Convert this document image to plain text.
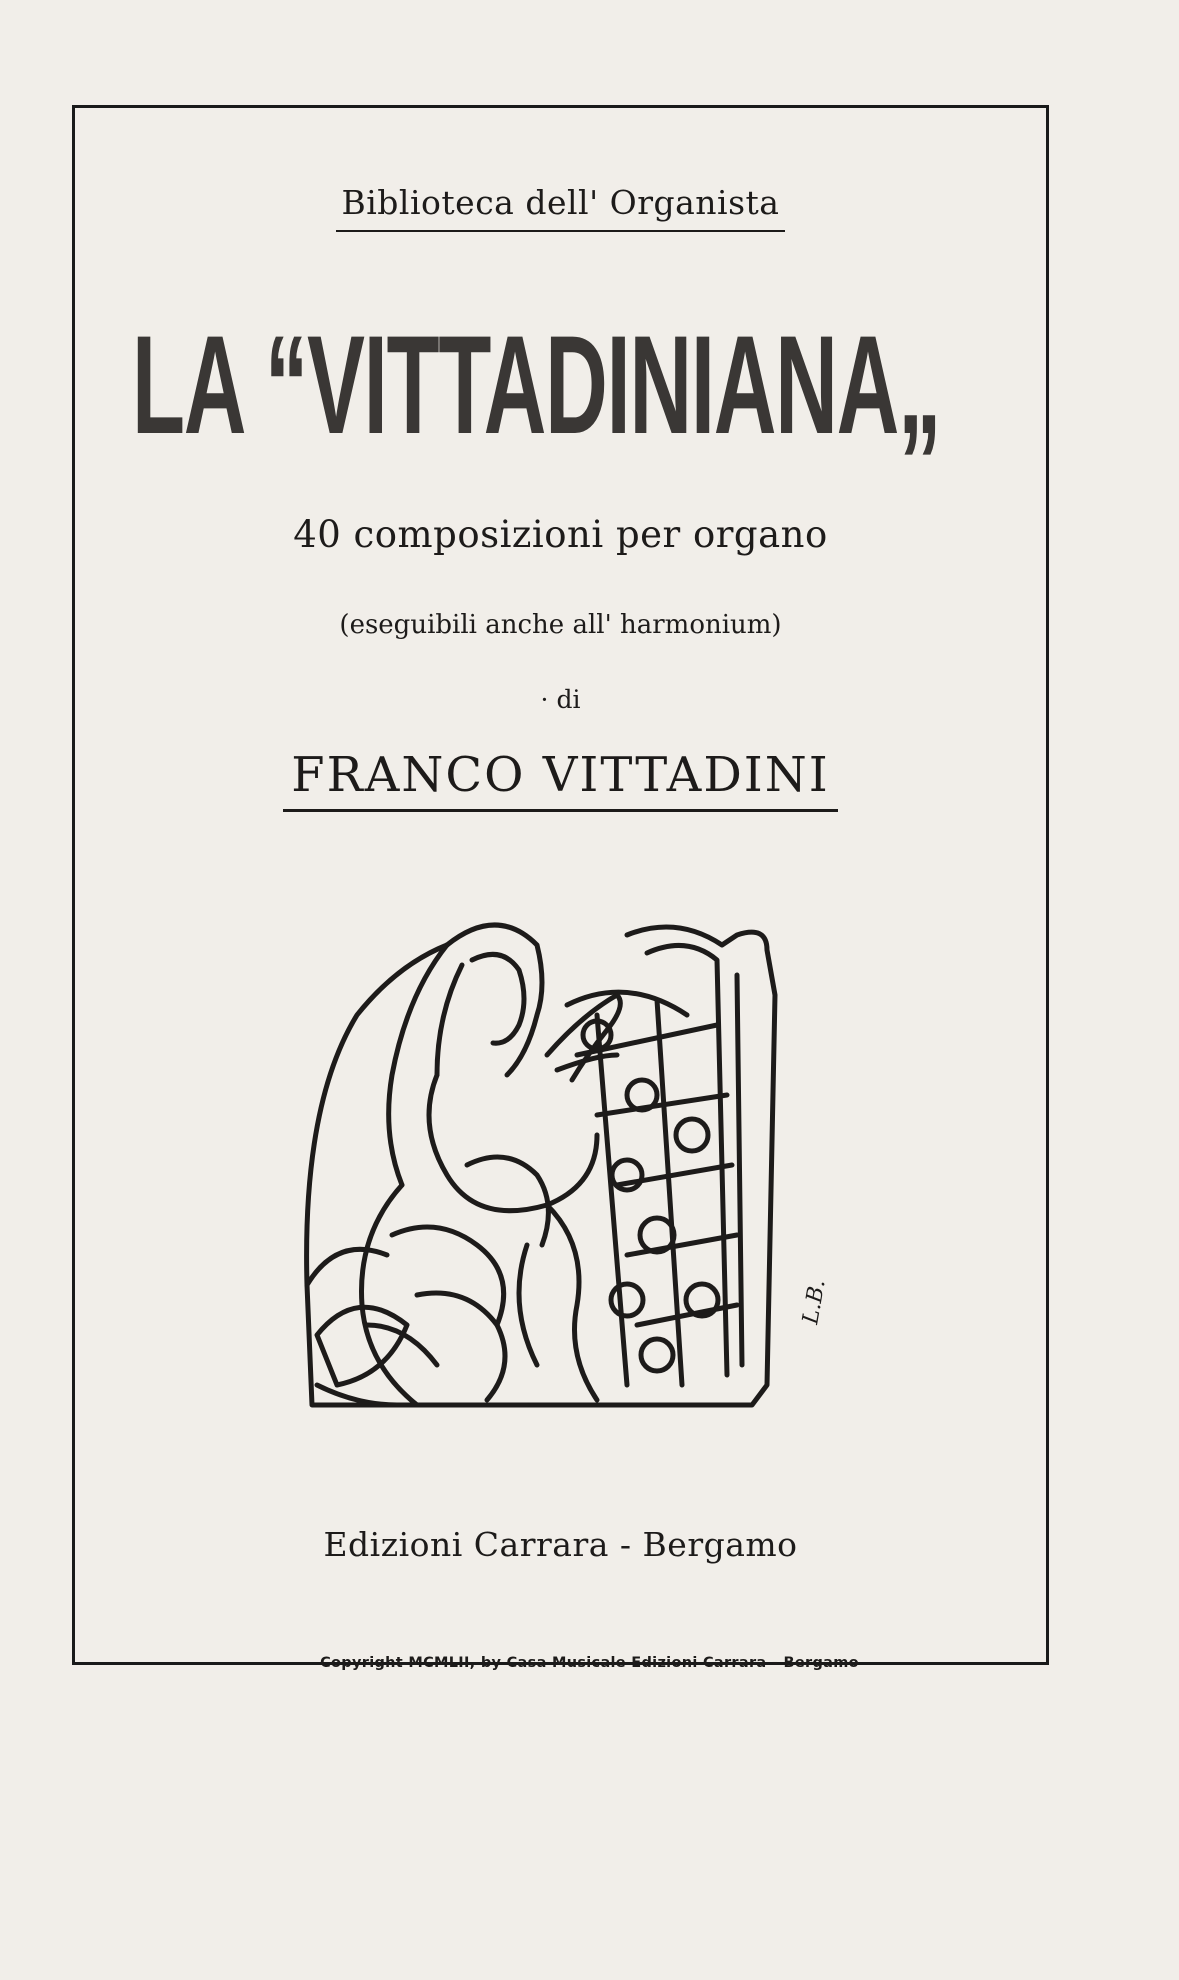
Biblioteca dell' Organista
LA “VITTADINIANA„
40 composizioni per organo
(eseguibili anche all' harmonium)
· di
FRANCO VITTADINI
L.B.
Edizioni Carrara - Bergamo
Copyright MCMLII, by Casa Musicale Edizioni Carrara - Bergamo
